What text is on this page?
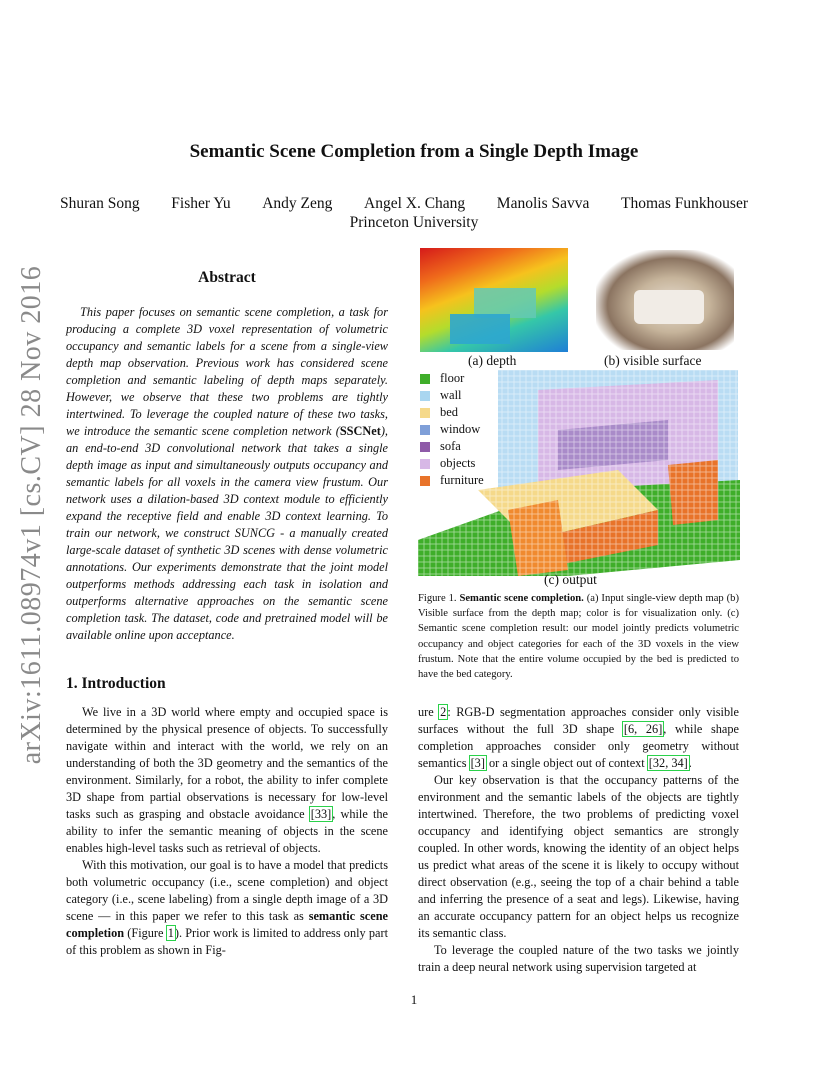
arXiv:1611.08974v1 [cs.CV] 28 Nov 2016
Semantic Scene Completion from a Single Depth Image
Shuran Song Fisher Yu Andy Zeng Angel X. Chang Manolis Savva Thomas Funkhouser
Princeton University
Abstract
This paper focuses on semantic scene completion, a task for producing a complete 3D voxel representation of volumetric occupancy and semantic labels for a scene from a single-view depth map observation. Previous work has considered scene completion and semantic labeling of depth maps separately. However, we observe that these two problems are tightly intertwined. To leverage the coupled nature of these two tasks, we introduce the semantic scene completion network (SSCNet), an end-to-end 3D convolutional network that takes a single depth image as input and simultaneously outputs occupancy and semantic labels for all voxels in the camera view frustum. Our network uses a dilation-based 3D context module to efficiently expand the receptive field and enable 3D context learning. To train our network, we construct SUNCG - a manually created large-scale dataset of synthetic 3D scenes with dense volumetric annotations. Our experiments demonstrate that the joint model outperforms methods addressing each task in isolation and outperforms alternative approaches on the semantic scene completion task. The dataset, code and pretrained model will be available online upon acceptance.
1. Introduction

We live in a 3D world where empty and occupied space is determined by the physical presence of objects. To successfully navigate within and interact with the world, we rely on an understanding of both the 3D geometry and the semantics of the environment. Similarly, for a robot, the ability to infer complete 3D shape from partial observations is necessary for low-level tasks such as grasping and obstacle avoidance [33], while the ability to infer the semantic meaning of objects in the scene enables high-level tasks such as retrieval of objects.

With this motivation, our goal is to have a model that predicts both volumetric occupancy (i.e., scene completion) and object category (i.e., scene labeling) from a single depth image of a 3D scene — in this paper we refer to this task as semantic scene completion (Figure 1). Prior work is limited to address only part of this problem as shown in Fig-

(a) depth	(b) visible surface
floor
wall
bed
window
sofa
objects
furniture
(c) output
Figure 1. Semantic scene completion. (a) Input single-view depth map (b) Visible surface from the depth map; color is for visualization only. (c) Semantic scene completion result: our model jointly predicts volumetric occupancy and object categories for each of the 3D voxels in the view frustum. Note that the entire volume occupied by the bed is predicted to have the bed category.

ure 2: RGB-D segmentation approaches consider only visible surfaces without the full 3D shape [6, 26], while shape completion approaches consider only geometry without semantics [3] or a single object out of context [32, 34].

Our key observation is that the occupancy patterns of the environment and the semantic labels of the objects are tightly intertwined. Therefore, the two problems of predicting voxel occupancy and identifying object semantics are strongly coupled. In other words, knowing the identity of an object helps us predict what areas of the scene it is likely to occupy without direct observation (e.g., seeing the top of a chair behind a table and inferring the presence of a seat and legs). Likewise, having an accurate occupancy pattern for an object helps us recognize its semantic class.

To leverage the coupled nature of the two tasks we jointly train a deep neural network using supervision targeted at

1
